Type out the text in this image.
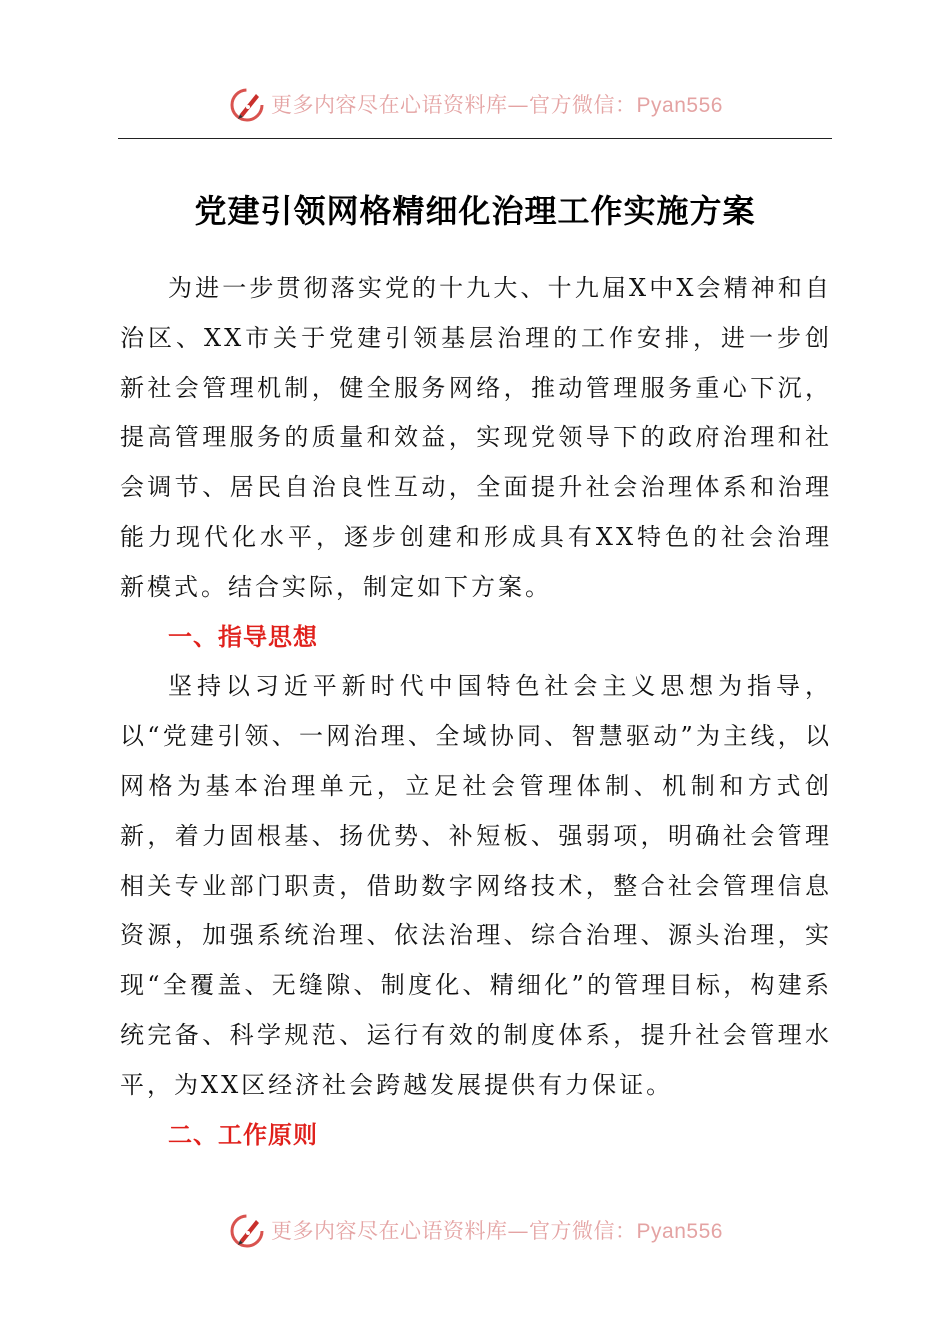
更多内容尽在心语资料库—官方微信：Pyan556
党建引领网格精细化治理工作实施方案

为进一步贯彻落实党的十九大、十九届X中X会精神和自治区、XX市关于党建引领基层治理的工作安排，进一步创新社会管理机制，健全服务网络，推动管理服务重心下沉，提高管理服务的质量和效益，实现党领导下的政府治理和社会调节、居民自治良性互动，全面提升社会治理体系和治理能力现代化水平，逐步创建和形成具有XX特色的社会治理新模式。结合实际，制定如下方案。

一、指导思想

坚持以习近平新时代中国特色社会主义思想为指导，以“党建引领、一网治理、全域协同、智慧驱动”为主线，以网格为基本治理单元，立足社会管理体制、机制和方式创新，着力固根基、扬优势、补短板、强弱项，明确社会管理相关专业部门职责，借助数字网络技术，整合社会管理信息资源，加强系统治理、依法治理、综合治理、源头治理，实现“全覆盖、无缝隙、制度化、精细化”的管理目标，构建系统完备、科学规范、运行有效的制度体系，提升社会管理水平，为XX区经济社会跨越发展提供有力保证。

二、工作原则

更多内容尽在心语资料库—官方微信：Pyan556
